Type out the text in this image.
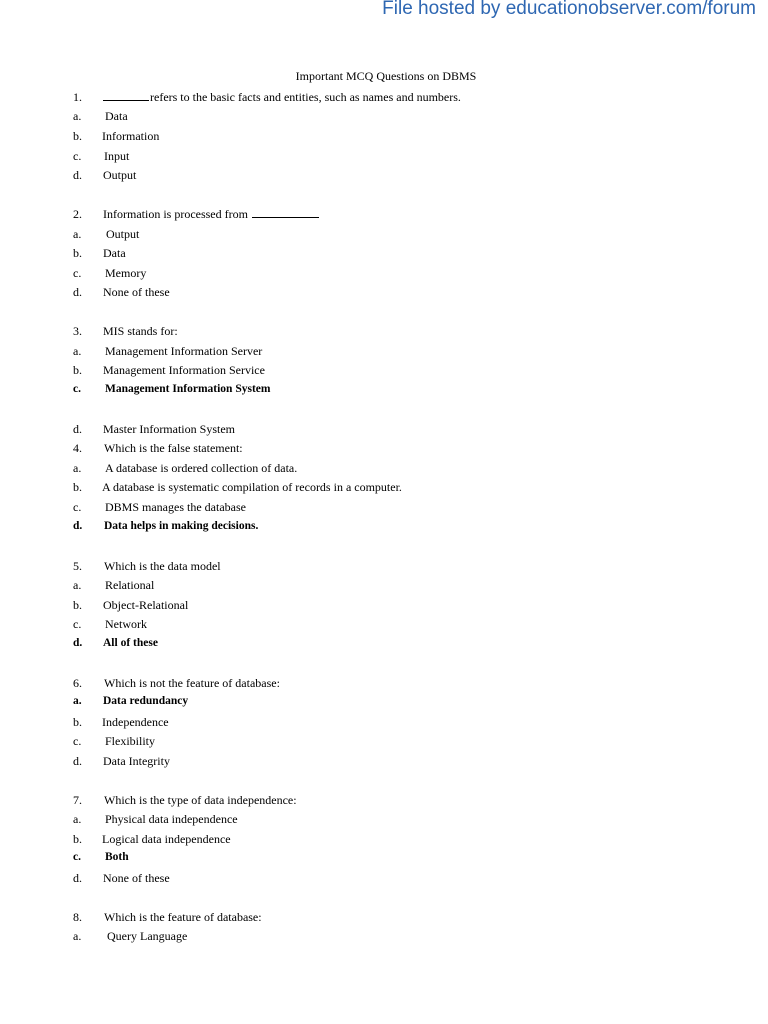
File hosted by educationobserver.com/forum
Important MCQ Questions on DBMS
1.	refers to the basic facts and entities, such as names and numbers.
a. Data
b. Information
c. Input
d. Output
2. Information is processed from
a. Output
b. Data
c. Memory
d. None of these
3. MIS stands for:
a. Management Information Server
b. Management Information Service
c. Management Information System
d. Master Information System
4. Which is the false statement:
a. A database is ordered collection of data.
b. A database is systematic compilation of records in a computer.
c. DBMS manages the database
d. Data helps in making decisions.
5. Which is the data model
a. Relational
b. Object-Relational
c. Network
d. All of these
6. Which is not the feature of database:
a. Data redundancy
b. Independence
c. Flexibility
d. Data Integrity
7. Which is the type of data independence:
a. Physical data independence
b. Logical data independence
c. Both
d. None of these
8. Which is the feature of database:
a. Query Language
